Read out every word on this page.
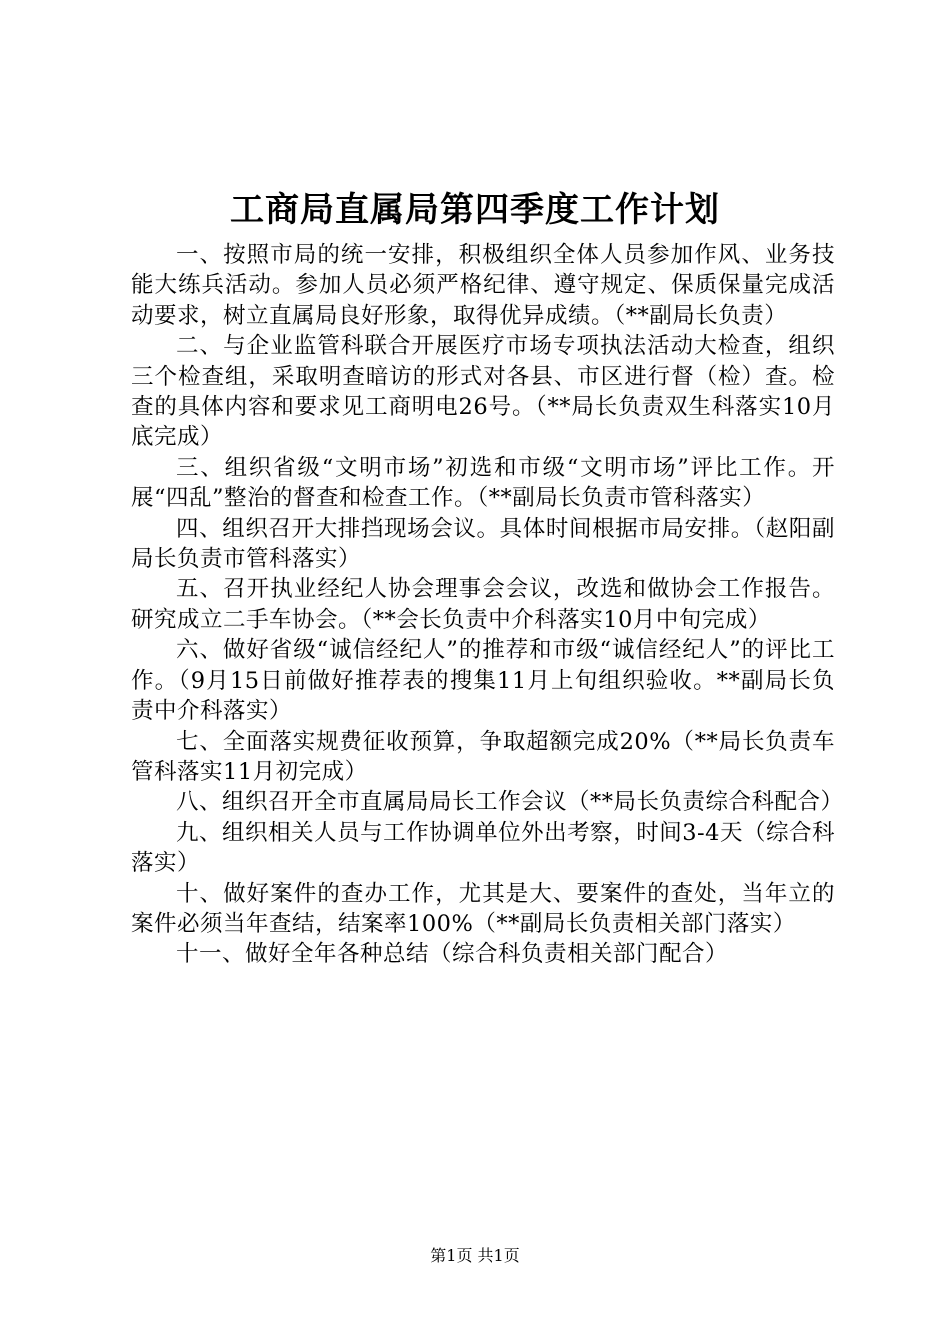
工商局直属局第四季度工作计划

一、按照市局的统一安排，积极组织全体人员参加作风、业务技能大练兵活动。参加人员必须严格纪律、遵守规定、保质保量完成活动要求，树立直属局良好形象，取得优异成绩。（**副局长负责）

二、与企业监管科联合开展医疗市场专项执法活动大检查，组织三个检查组，采取明查暗访的形式对各县、市区进行督（检）查。检查的具体内容和要求见工商明电26号。（**局长负责双生科落实10月底完成）

三、组织省级“文明市场”初选和市级“文明市场”评比工作。开展“四乱”整治的督查和检查工作。（**副局长负责市管科落实）

四、组织召开大排挡现场会议。具体时间根据市局安排。（赵阳副局长负责市管科落实）

五、召开执业经纪人协会理事会会议，改选和做协会工作报告。研究成立二手车协会。（**会长负责中介科落实10月中旬完成）

六、做好省级“诚信经纪人”的推荐和市级“诚信经纪人”的评比工作。（9月15日前做好推荐表的搜集11月上旬组织验收。**副局长负责中介科落实）

七、全面落实规费征收预算，争取超额完成20%（**局长负责车管科落实11月初完成）

八、组织召开全市直属局局长工作会议（**局长负责综合科配合）

九、组织相关人员与工作协调单位外出考察，时间3-4天（综合科落实）

十、做好案件的查办工作，尤其是大、要案件的查处，当年立的案件必须当年查结，结案率100%（**副局长负责相关部门落实）

十一、做好全年各种总结（综合科负责相关部门配合）

第1页 共1页
